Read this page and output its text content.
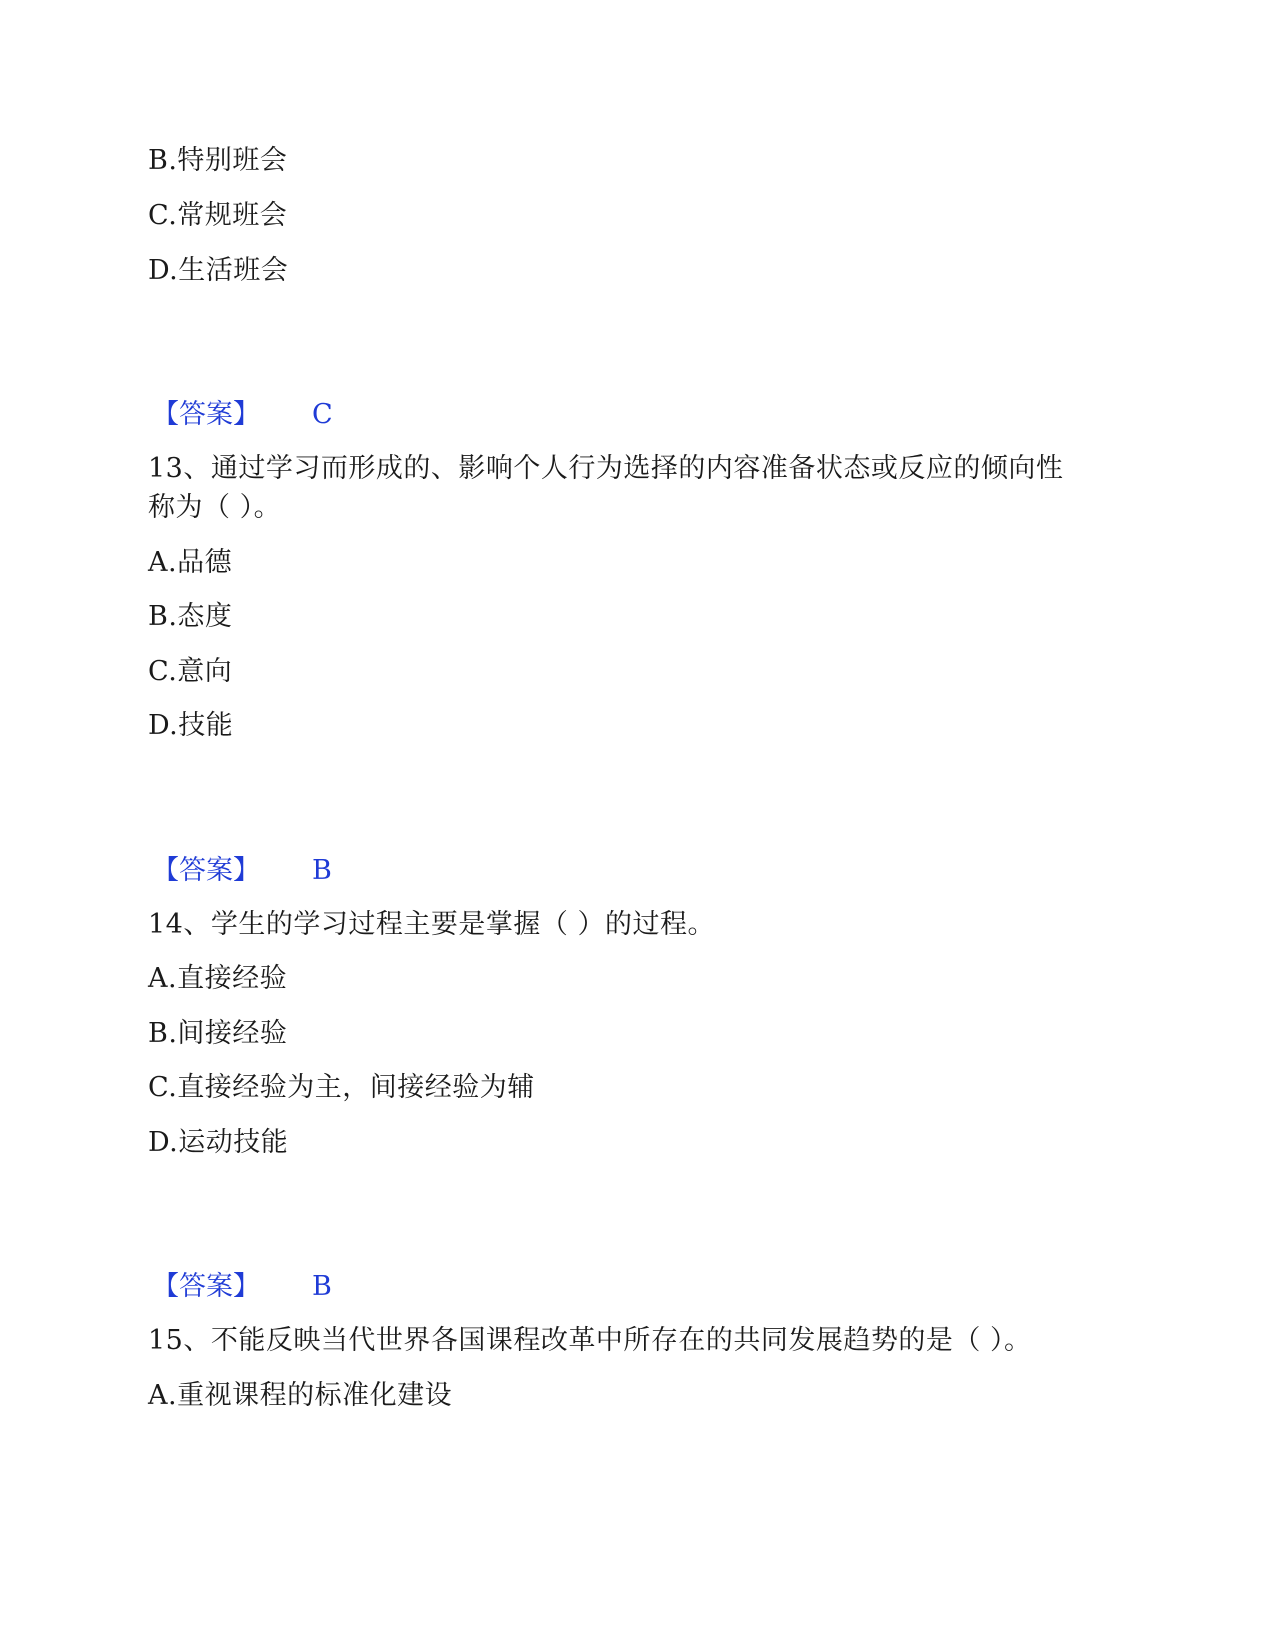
B.特别班会
C.常规班会
D.生活班会
【答案】 C
13、通过学习而形成的、影响个人行为选择的内容准备状态或反应的倾向性
称为（ ）。
A.品德
B.态度
C.意向
D.技能
【答案】 B
14、学生的学习过程主要是掌握（ ）的过程。
A.直接经验
B.间接经验
C.直接经验为主，间接经验为辅
D.运动技能
【答案】 B
15、不能反映当代世界各国课程改革中所存在的共同发展趋势的是（ ）。
A.重视课程的标准化建设
